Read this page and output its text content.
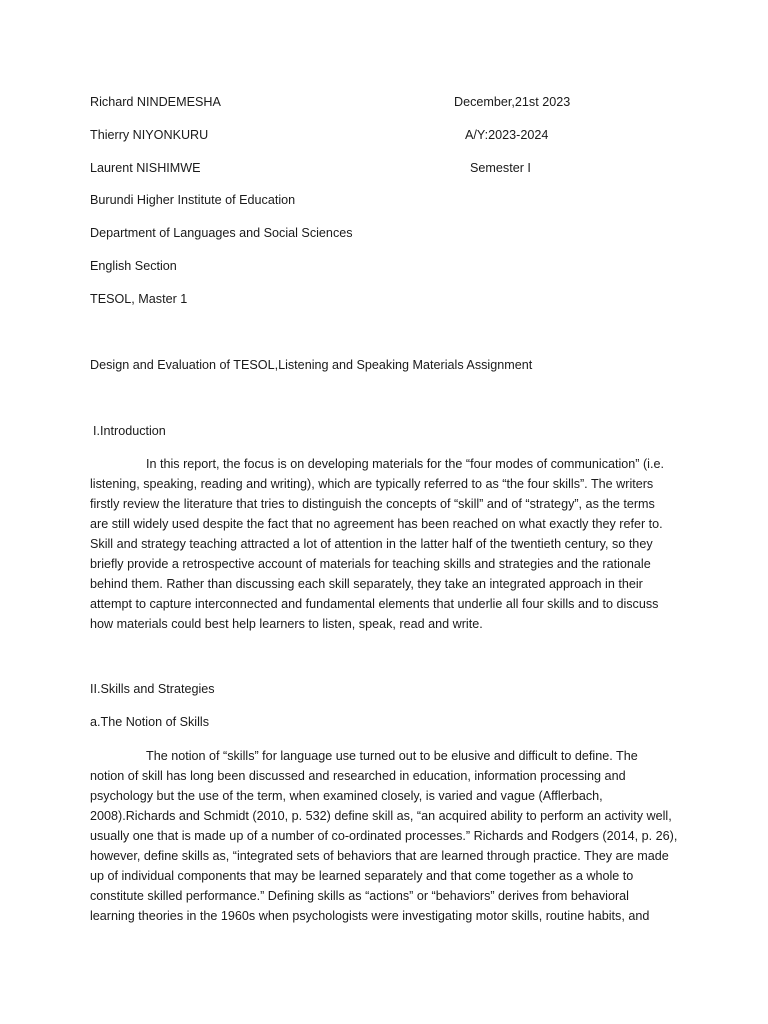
Richard NINDEMESHA	December,21st 2023
Thierry NIYONKURU	A/Y:2023-2024
Laurent NISHIMWE	Semester I
Burundi Higher Institute of Education
Department of Languages and Social Sciences
English Section
TESOL, Master 1
Design and Evaluation of TESOL,Listening and Speaking Materials Assignment
I.Introduction
In this report, the focus is on developing materials for the “four modes of communication” (i.e.
listening, speaking, reading and writing), which are typically referred to as “the four skills”. The writers
firstly review the literature that tries to distinguish the concepts of “skill” and of “strategy”, as the terms
are still widely used despite the fact that no agreement has been reached on what exactly they refer to.
Skill and strategy teaching attracted a lot of attention in the latter half of the twentieth century, so they
briefly provide a retrospective account of materials for teaching skills and strategies and the rationale
behind them. Rather than discussing each skill separately, they take an integrated approach in their
attempt to capture interconnected and fundamental elements that underlie all four skills and to discuss
how materials could best help learners to listen, speak, read and write.
II.Skills and Strategies
a.The Notion of Skills
The notion of “skills” for language use turned out to be elusive and difficult to define. The
notion of skill has long been discussed and researched in education, information processing and
psychology but the use of the term, when examined closely, is varied and vague (Afflerbach,
2008).Richards and Schmidt (2010, p. 532) define skill as, “an acquired ability to perform an activity well,
usually one that is made up of a number of co-ordinated processes.” Richards and Rodgers (2014, p. 26),
however, define skills as, “integrated sets of behaviors that are learned through practice. They are made
up of individual components that may be learned separately and that come together as a whole to
constitute skilled performance.” Defining skills as “actions” or “behaviors” derives from behavioral
learning theories in the 1960s when psychologists were investigating motor skills, routine habits, and
